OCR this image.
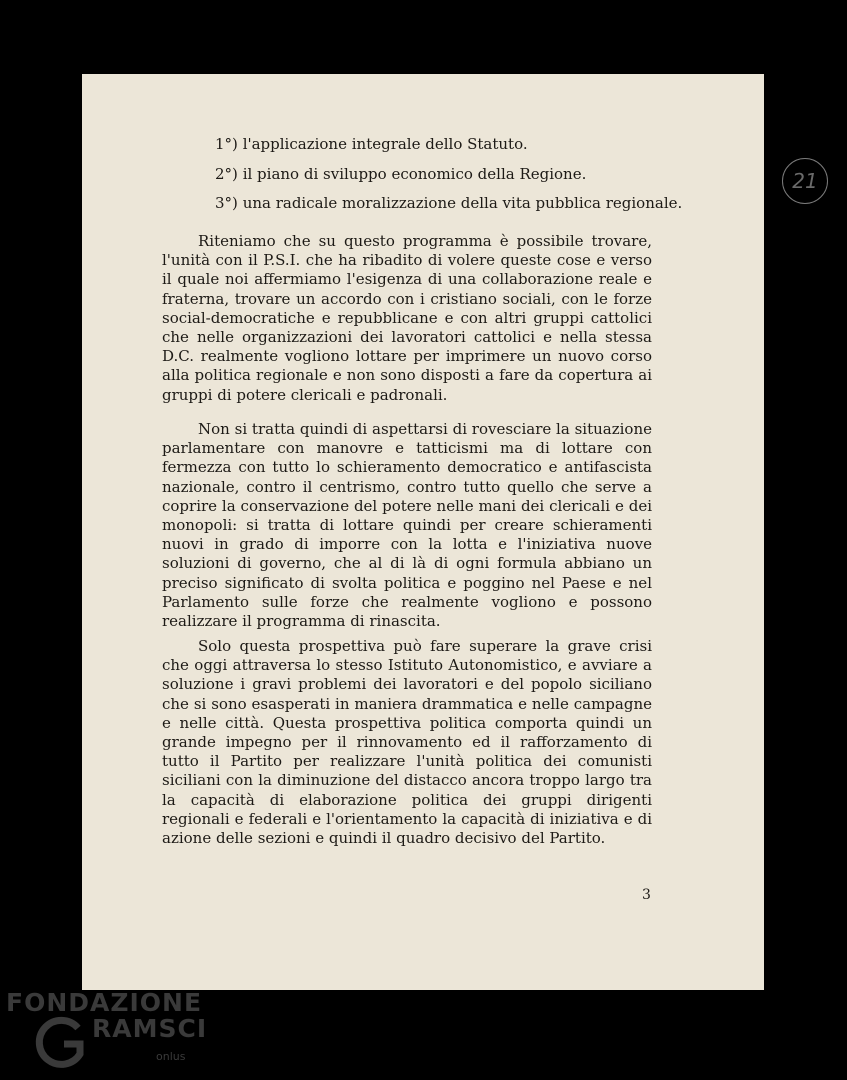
21
1°) l'applicazione integrale dello Statuto.
2°) il piano di sviluppo economico della Regione.
3°) una radicale moralizzazione della vita pubblica regionale.

Riteniamo che su questo programma è possibile trovare, l'unità con il P.S.I. che ha ribadito di volere queste cose e verso il quale noi affermiamo l'esigenza di una collaborazione reale e fraterna, trovare un accordo con i cristiano sociali, con le forze social-democratiche e repubblicane e con altri gruppi cattolici che nelle organizzazioni dei lavoratori cattolici e nella stessa D.C. realmente vogliono lottare per imprimere un nuovo corso alla politica regionale e non sono disposti a fare da copertura ai gruppi di potere clericali e padronali.

Non si tratta quindi di aspettarsi di rovesciare la situazione parlamentare con manovre e tatticismi ma di lottare con fermezza con tutto lo schieramento democratico e antifascista nazionale, contro il centrismo, contro tutto quello che serve a coprire la conservazione del potere nelle mani dei clericali e dei monopoli: si tratta di lottare quindi per creare schieramenti nuovi in grado di imporre con la lotta e l'iniziativa nuove soluzioni di governo, che al di là di ogni formula abbiano un preciso significato di svolta politica e poggino nel Paese e nel Parlamento sulle forze che realmente vogliono e possono realizzare il programma di rinascita.

Solo questa prospettiva può fare superare la grave crisi che oggi attraversa lo stesso Istituto Autonomistico, e avviare a soluzione i gravi problemi dei lavoratori e del popolo siciliano che si sono esasperati in maniera drammatica e nelle campagne e nelle città. Questa prospettiva politica comporta quindi un grande impegno per il rinnovamento ed il rafforzamento di tutto il Partito per realizzare l'unità politica dei comunisti siciliani con la diminuzione del distacco ancora troppo largo tra la capacità di elaborazione politica dei gruppi dirigenti regionali e federali e l'orientamento la capacità di iniziativa e di azione delle sezioni e quindi il quadro decisivo del Partito.

3
FONDAZIONE
RAMSCI
onlus
